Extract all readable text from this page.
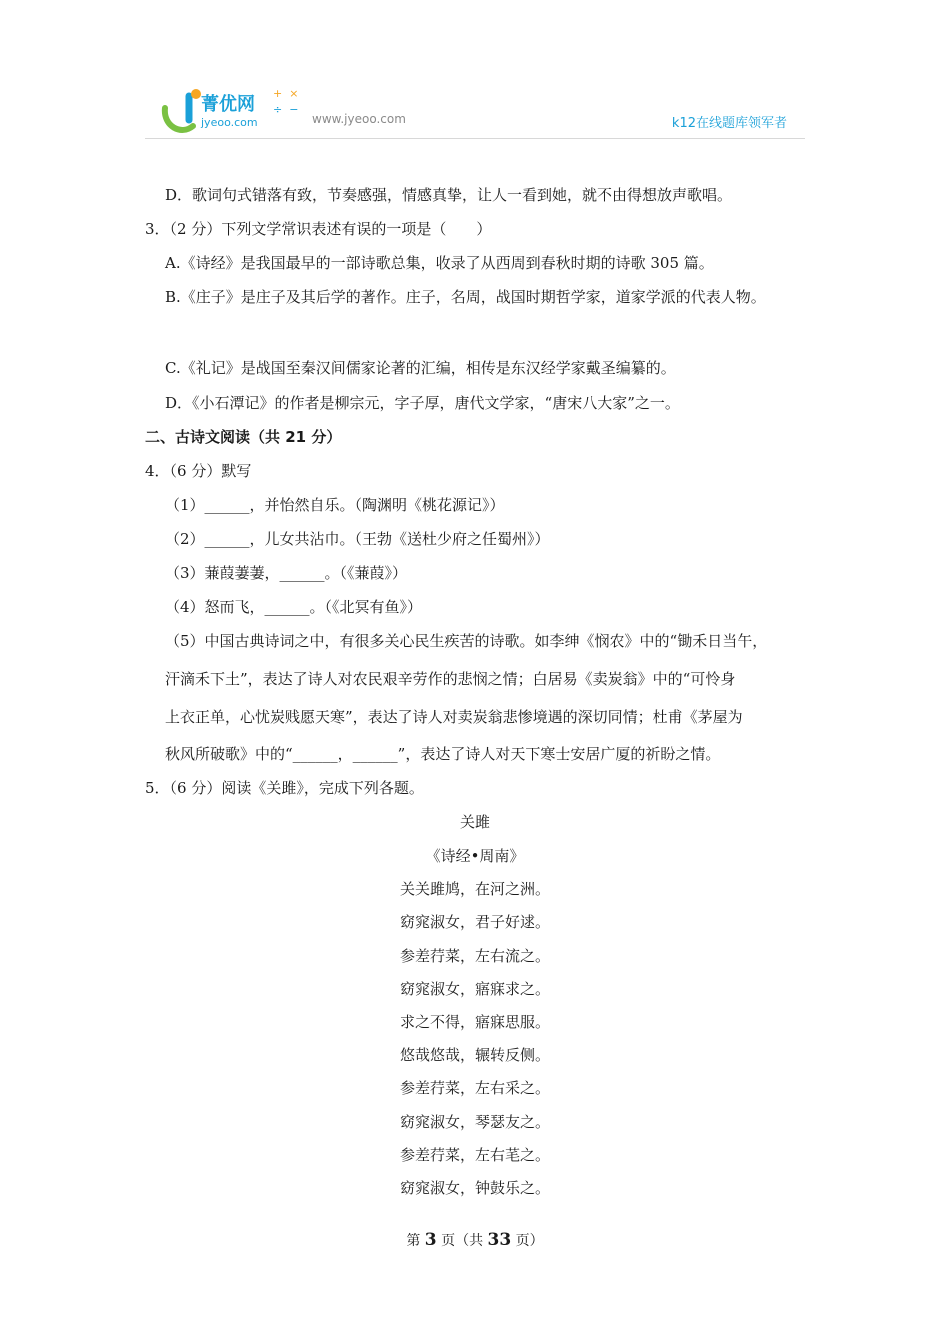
菁优网
jyeoo.com
+ ×
÷ −
www.jyeoo.com	k12在线题库领军者
D．歌词句式错落有致，节奏感强，情感真挚，让人一看到她，就不由得想放声歌唱。
3．（2 分）下列文学常识表述有误的一项是（　　）
A.《诗经》是我国最早的一部诗歌总集，收录了从西周到春秋时期的诗歌 305 篇。
B.《庄子》是庄子及其后学的著作。庄子，名周，战国时期哲学家，道家学派的代表人物。
C.《礼记》是战国至秦汉间儒家论著的汇编，相传是东汉经学家戴圣编纂的。
D．《小石潭记》的作者是柳宗元，字子厚，唐代文学家，“唐宋八大家”之一。
二、古诗文阅读（共 21 分）
4．（6 分）默写
（1）______，并怡然自乐。（陶渊明《桃花源记》）
（2）______，儿女共沾巾。（王勃《送杜少府之任蜀州》）
（3）蒹葭萋萋，______。（《蒹葭》）
（4）怒而飞，______。（《北冥有鱼》）
（5）中国古典诗词之中，有很多关心民生疾苦的诗歌。如李绅《悯农》中的“锄禾日当午，
汗滴禾下土”，表达了诗人对农民艰辛劳作的悲悯之情；白居易《卖炭翁》中的“可怜身
上衣正单，心忧炭贱愿天寒”，表达了诗人对卖炭翁悲惨境遇的深切同情；杜甫《茅屋为
秋风所破歌》中的“______，______”，表达了诗人对天下寒士安居广厦的祈盼之情。
5．（6 分）阅读《关雎》，完成下列各题。
关雎
《诗经•周南》
关关雎鸠，在河之洲。
窈窕淑女，君子好逑。
参差荇菜，左右流之。
窈窕淑女，寤寐求之。
求之不得，寤寐思服。
悠哉悠哉，辗转反侧。
参差荇菜，左右采之。
窈窕淑女，琴瑟友之。
参差荇菜，左右芼之。
窈窕淑女，钟鼓乐之。
第 3 页（共 33 页）
